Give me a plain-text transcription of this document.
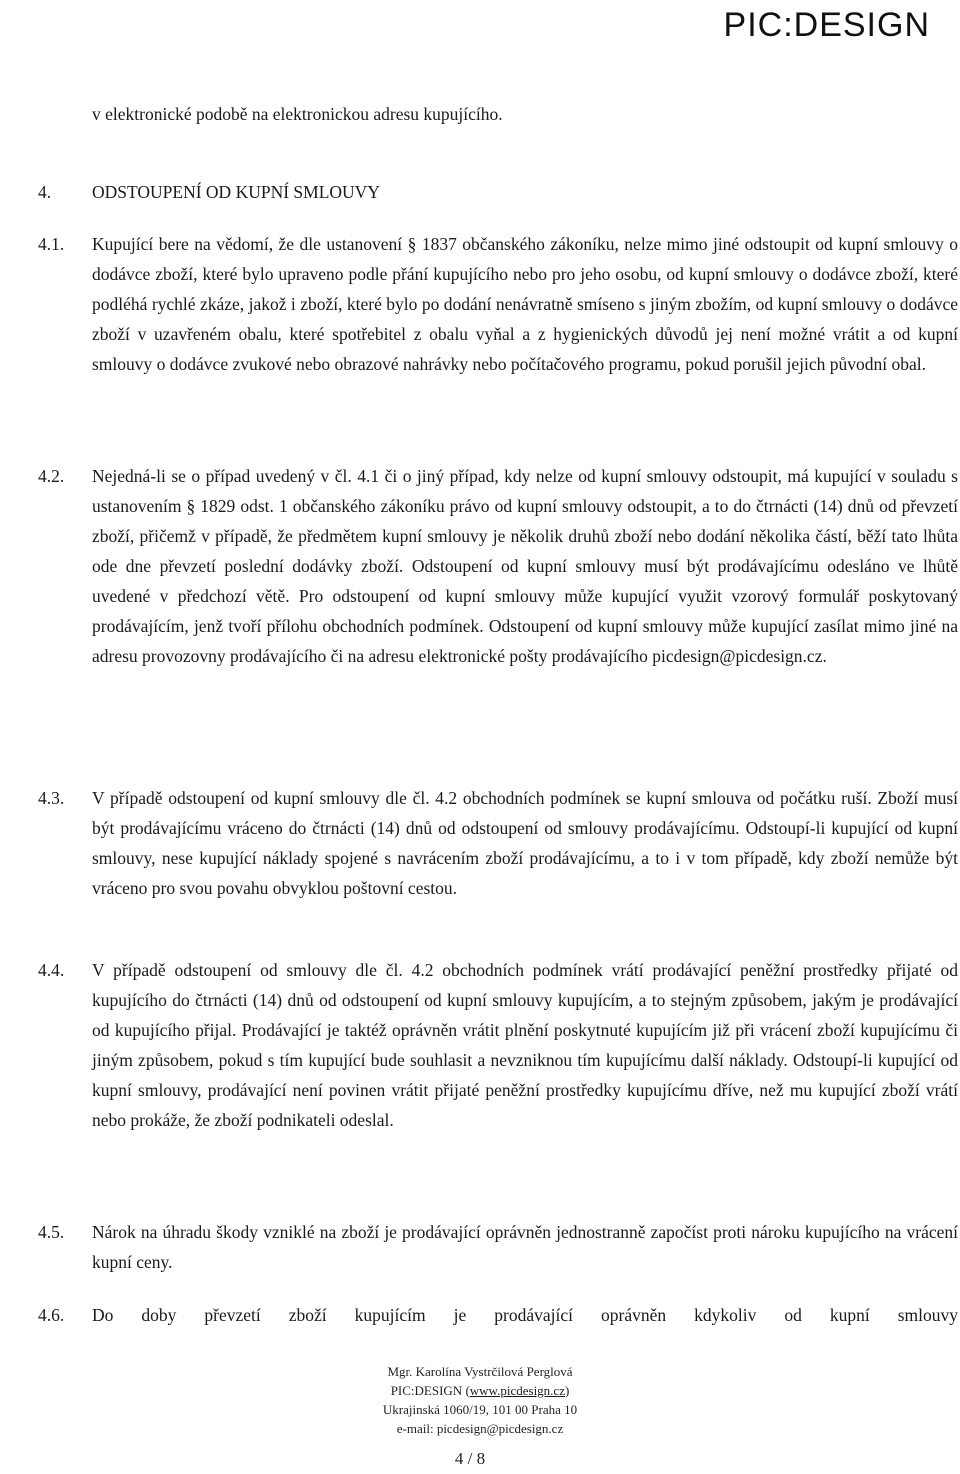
PIC:DESIGN

v elektronické podobě na elektronickou adresu kupujícího.

4. ODSTOUPENÍ OD KUPNÍ SMLOUVY

4.1. Kupující bere na vědomí, že dle ustanovení § 1837 občanského zákoníku, nelze mimo jiné odstoupit od kupní smlouvy o dodávce zboží, které bylo upraveno podle přání kupujícího nebo pro jeho osobu, od kupní smlouvy o dodávce zboží, které podléhá rychlé zkáze, jakož i zboží, které bylo po dodání nenávratně smíseno s jiným zbožím, od kupní smlouvy o dodávce zboží v uzavřeném obalu, které spotřebitel z obalu vyňal a z hygienických důvodů jej není možné vrátit a od kupní smlouvy o dodávce zvukové nebo obrazové nahrávky nebo počítačového programu, pokud porušil jejich původní obal.

4.2. Nejedná-li se o případ uvedený v čl. 4.1 či o jiný případ, kdy nelze od kupní smlouvy odstoupit, má kupující v souladu s ustanovením § 1829 odst. 1 občanského zákoníku právo od kupní smlouvy odstoupit, a to do čtrnácti (14) dnů od převzetí zboží, přičemž v případě, že předmětem kupní smlouvy je několik druhů zboží nebo dodání několika částí, běží tato lhůta ode dne převzetí poslední dodávky zboží. Odstoupení od kupní smlouvy musí být prodávajícímu odesláno ve lhůtě uvedené v předchozí větě. Pro odstoupení od kupní smlouvy může kupující využit vzorový formulář poskytovaný prodávajícím, jenž tvoří přílohu obchodních podmínek. Odstoupení od kupní smlouvy může kupující zasílat mimo jiné na adresu provozovny prodávajícího či na adresu elektronické pošty prodávajícího picdesign@picdesign.cz.

4.3. V případě odstoupení od kupní smlouvy dle čl. 4.2 obchodních podmínek se kupní smlouva od počátku ruší. Zboží musí být prodávajícímu vráceno do čtrnácti (14) dnů od odstoupení od smlouvy prodávajícímu. Odstoupí-li kupující od kupní smlouvy, nese kupující náklady spojené s navrácením zboží prodávajícímu, a to i v tom případě, kdy zboží nemůže být vráceno pro svou povahu obvyklou poštovní cestou.

4.4. V případě odstoupení od smlouvy dle čl. 4.2 obchodních podmínek vrátí prodávající peněžní prostředky přijaté od kupujícího do čtrnácti (14) dnů od odstoupení od kupní smlouvy kupujícím, a to stejným způsobem, jakým je prodávající od kupujícího přijal. Prodávající je taktéž oprávněn vrátit plnění poskytnuté kupujícím již při vrácení zboží kupujícímu či jiným způsobem, pokud s tím kupující bude souhlasit a nevzniknou tím kupujícímu další náklady. Odstoupí-li kupující od kupní smlouvy, prodávající není povinen vrátit přijaté peněžní prostředky kupujícímu dříve, než mu kupující zboží vrátí nebo prokáže, že zboží podnikateli odeslal.

4.5. Nárok na úhradu škody vzniklé na zboží je prodávající oprávněn jednostranně započíst proti nároku kupujícího na vrácení kupní ceny.

4.6. Do doby převzetí zboží kupujícím je prodávající oprávněn kdykoliv od kupní smlouvy

Mgr. Karolína Vystrčilová Perglová
PIC:DESIGN (www.picdesign.cz)
Ukrajinská 1060/19, 101 00 Praha 10
e-mail: picdesign@picdesign.cz
4 / 8
